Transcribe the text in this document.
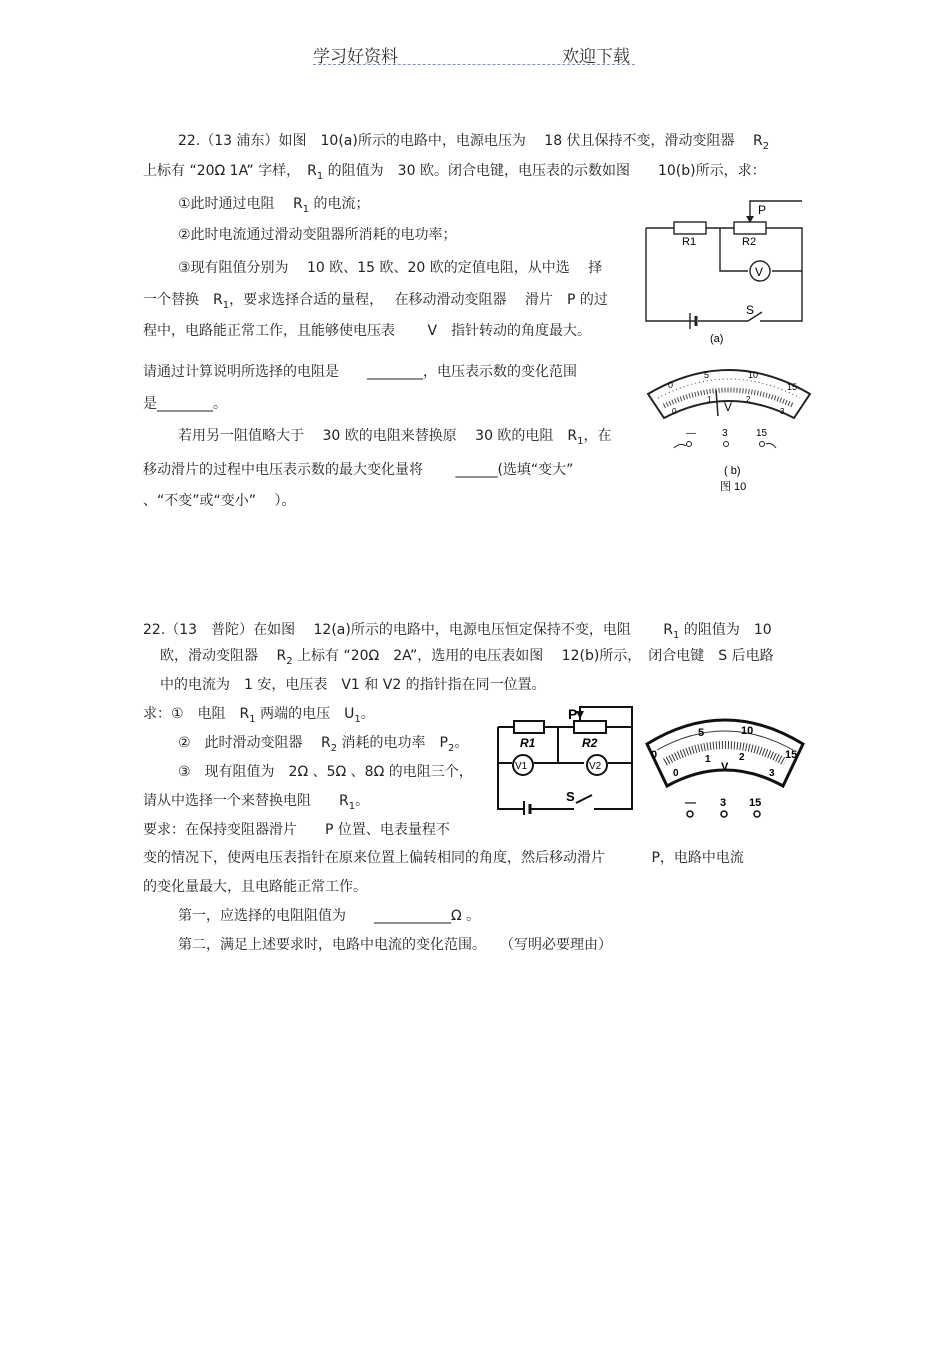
学习好资料	欢迎下载
22.（13 浦东）如图　10(a)所示的电路中，电源电压为　 18 伏且保持不变，滑动变阻器　 $R_2$
上标有 “20Ω 1A” 字样，　$R_1$ 的阻值为　30 欧。闭合电键，电压表的示数如图　　10(b)所示，求：
①此时通过电阻　 $R_1$ 的电流；
②此时电流通过滑动变阻器所消耗的电功率；
③现有阻值分别为　 10 欧、15 欧、20 欧的定值电阻，从中选　 择
一个替换　$R_1$，要求选择合适的量程，　 在移动滑动变阻器　 滑片　P 的过
程中，电路能正常工作，且能够使电压表　　 V　指针转动的角度最大。
请通过计算说明所选择的电阻是　　________，电压表示数的变化范围
是________。
若用另一阻值略大于　 30 欧的电阻来替换原　 30 欧的电阻　$R_1$，在
移动滑片的过程中电压表示数的最大变化量将　　 ______(选填“变大”
、“不变”或“变小”　 ）。
P
R1	R2
V
S
(a)
0
5	10
15
0
1	2
3
V
—	3	15
( b)
图 10
22.（13　普陀）在如图　 12(a)所示的电路中，电源电压恒定保持不变，电阻　　 $R_1$ 的阻值为　10
欧，滑动变阻器　 $R_2$ 上标有 “20Ω　2A”，选用的电压表如图　 12(b)所示，　闭合电键　S 后电路
中的电流为　1 安，电压表　V1 和 V2 的指针指在同一位置。
求：①　电阻　$R_1$ 两端的电压　$U_1$。
②　此时滑动变阻器　 $R_2$ 消耗的电功率　$P_2$。
③　现有阻值为　2Ω 、5Ω 、8Ω 的电阻三个，
请从中选择一个来替换电阻　　$R_1$。
要求：在保持变阻器滑片　　P 位置、电表量程不
变的情况下，使两电压表指针在原来位置上偏转相同的角度，然后移动滑片　　　 P，电路中电流
的变化量最大，且电路能正常工作。
第一，应选择的电阻阻值为　　___________Ω 。
第二，满足上述要求时，电路中电流的变化范围。　　（写明必要理由）
P
R1	R2
V1	V2
S
0
5	10
15
0
1	2
3
V
— 3 15
